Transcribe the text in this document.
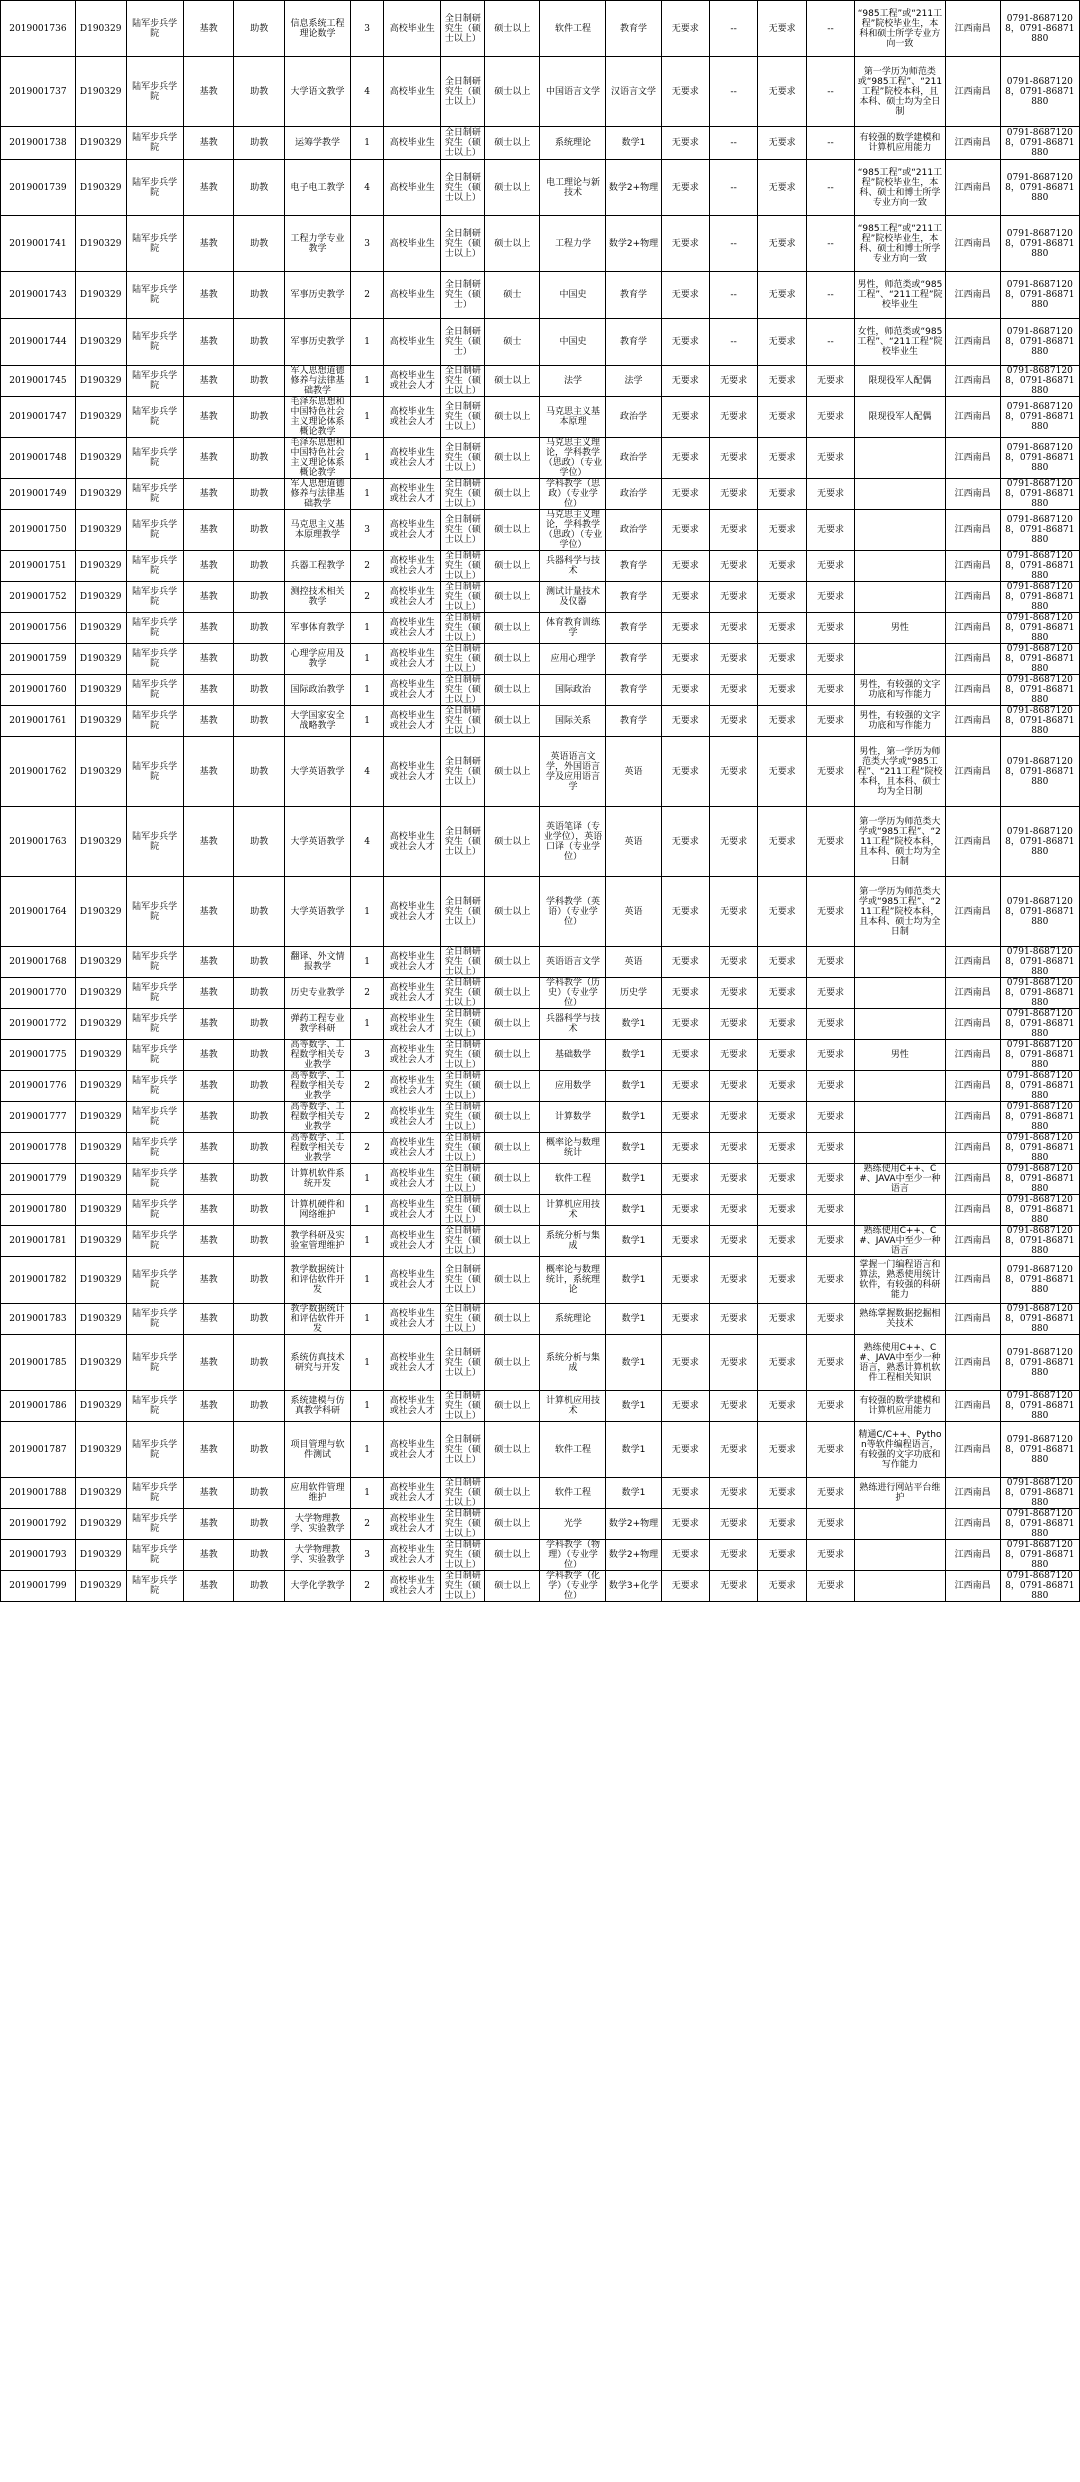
2019001736	D190329	陆军步兵学院	基教	助教	信息系统工程理论数学	3	高校毕业生	全日制研究生（硕士以上）	硕士以上	软件工程	教育学	无要求	--	无要求	--	“985工程”或“211工程”院校毕业生，本科和硕士所学专业方向一致	江西南昌	0791-86871208，0791-86871880
2019001737	D190329	陆军步兵学院	基教	助教	大学语文教学	4	高校毕业生	全日制研究生（硕士以上）	硕士以上	中国语言文学	汉语言文学	无要求	--	无要求	--	第一学历为师范类或“985工程”、“211工程”院校本科，且本科、硕士均为全日制	江西南昌	0791-86871208，0791-86871880
2019001738	D190329	陆军步兵学院	基教	助教	运筹学教学	1	高校毕业生	全日制研究生（硕士以上）	硕士以上	系统理论	数学1	无要求	--	无要求	--	有较强的数学建模和计算机应用能力	江西南昌	0791-86871208，0791-86871880
2019001739	D190329	陆军步兵学院	基教	助教	电子电工教学	4	高校毕业生	全日制研究生（硕士以上）	硕士以上	电工理论与新技术	数学2+物理	无要求	--	无要求	--	“985工程”或“211工程”院校毕业生，本科、硕士和博士所学专业方向一致	江西南昌	0791-86871208，0791-86871880
2019001741	D190329	陆军步兵学院	基教	助教	工程力学专业教学	3	高校毕业生	全日制研究生（硕士以上）	硕士以上	工程力学	数学2+物理	无要求	--	无要求	--	“985工程”或“211工程”院校毕业生，本科、硕士和博士所学专业方向一致	江西南昌	0791-86871208，0791-86871880
2019001743	D190329	陆军步兵学院	基教	助教	军事历史教学	2	高校毕业生	全日制研究生（硕士）	硕士	中国史	教育学	无要求	--	无要求	--	男性，师范类或“985工程”、“211工程”院校毕业生	江西南昌	0791-86871208，0791-86871880
2019001744	D190329	陆军步兵学院	基教	助教	军事历史教学	1	高校毕业生	全日制研究生（硕士）	硕士	中国史	教育学	无要求	--	无要求	--	女性，师范类或“985工程”、“211工程”院校毕业生	江西南昌	0791-86871208，0791-86871880
2019001745	D190329	陆军步兵学院	基教	助教	军人思想道德修养与法律基础教学	1	高校毕业生或社会人才	全日制研究生（硕士以上）	硕士以上	法学	法学	无要求	无要求	无要求	无要求	限现役军人配偶	江西南昌	0791-86871208，0791-86871880
2019001747	D190329	陆军步兵学院	基教	助教	毛泽东思想和中国特色社会主义理论体系概论教学	1	高校毕业生或社会人才	全日制研究生（硕士以上）	硕士以上	马克思主义基本原理	政治学	无要求	无要求	无要求	无要求	限现役军人配偶	江西南昌	0791-86871208，0791-86871880
2019001748	D190329	陆军步兵学院	基教	助教	毛泽东思想和中国特色社会主义理论体系概论教学	1	高校毕业生或社会人才	全日制研究生（硕士以上）	硕士以上	马克思主义理论，学科教学（思政）（专业学位）	政治学	无要求	无要求	无要求	无要求		江西南昌	0791-86871208，0791-86871880
2019001749	D190329	陆军步兵学院	基教	助教	军人思想道德修养与法律基础教学	1	高校毕业生或社会人才	全日制研究生（硕士以上）	硕士以上	学科教学（思政）（专业学位）	政治学	无要求	无要求	无要求	无要求		江西南昌	0791-86871208，0791-86871880
2019001750	D190329	陆军步兵学院	基教	助教	马克思主义基本原理教学	3	高校毕业生或社会人才	全日制研究生（硕士以上）	硕士以上	马克思主义理论，学科教学（思政）（专业学位）	政治学	无要求	无要求	无要求	无要求		江西南昌	0791-86871208，0791-86871880
2019001751	D190329	陆军步兵学院	基教	助教	兵器工程教学	2	高校毕业生或社会人才	全日制研究生（硕士以上）	硕士以上	兵器科学与技术	教育学	无要求	无要求	无要求	无要求		江西南昌	0791-86871208，0791-86871880
2019001752	D190329	陆军步兵学院	基教	助教	测控技术相关教学	2	高校毕业生或社会人才	全日制研究生（硕士以上）	硕士以上	测试计量技术及仪器	教育学	无要求	无要求	无要求	无要求		江西南昌	0791-86871208，0791-86871880
2019001756	D190329	陆军步兵学院	基教	助教	军事体育教学	1	高校毕业生或社会人才	全日制研究生（硕士以上）	硕士以上	体育教育训练学	教育学	无要求	无要求	无要求	无要求	男性	江西南昌	0791-86871208，0791-86871880
2019001759	D190329	陆军步兵学院	基教	助教	心理学应用及教学	1	高校毕业生或社会人才	全日制研究生（硕士以上）	硕士以上	应用心理学	教育学	无要求	无要求	无要求	无要求		江西南昌	0791-86871208，0791-86871880
2019001760	D190329	陆军步兵学院	基教	助教	国际政治教学	1	高校毕业生或社会人才	全日制研究生（硕士以上）	硕士以上	国际政治	教育学	无要求	无要求	无要求	无要求	男性，有较强的文字功底和写作能力	江西南昌	0791-86871208，0791-86871880
2019001761	D190329	陆军步兵学院	基教	助教	大学国家安全战略教学	1	高校毕业生或社会人才	全日制研究生（硕士以上）	硕士以上	国际关系	教育学	无要求	无要求	无要求	无要求	男性，有较强的文字功底和写作能力	江西南昌	0791-86871208，0791-86871880
2019001762	D190329	陆军步兵学院	基教	助教	大学英语教学	4	高校毕业生或社会人才	全日制研究生（硕士以上）	硕士以上	英语语言文学，外国语言学及应用语言学	英语	无要求	无要求	无要求	无要求	男性，第一学历为师范类大学或“985工程”、“211工程”院校本科，且本科、硕士均为全日制	江西南昌	0791-86871208，0791-86871880
2019001763	D190329	陆军步兵学院	基教	助教	大学英语教学	4	高校毕业生或社会人才	全日制研究生（硕士以上）	硕士以上	英语笔译（专业学位），英语口译（专业学位）	英语	无要求	无要求	无要求	无要求	第一学历为师范类大学或“985工程”、“211工程”院校本科，且本科、硕士均为全日制	江西南昌	0791-86871208，0791-86871880
2019001764	D190329	陆军步兵学院	基教	助教	大学英语教学	1	高校毕业生或社会人才	全日制研究生（硕士以上）	硕士以上	学科教学（英语）（专业学位）	英语	无要求	无要求	无要求	无要求	第一学历为师范类大学或“985工程”、“211工程”院校本科，且本科、硕士均为全日制	江西南昌	0791-86871208，0791-86871880
2019001768	D190329	陆军步兵学院	基教	助教	翻译、外文情报教学	1	高校毕业生或社会人才	全日制研究生（硕士以上）	硕士以上	英语语言文学	英语	无要求	无要求	无要求	无要求		江西南昌	0791-86871208，0791-86871880
2019001770	D190329	陆军步兵学院	基教	助教	历史专业教学	2	高校毕业生或社会人才	全日制研究生（硕士以上）	硕士以上	学科教学（历史）（专业学位）	历史学	无要求	无要求	无要求	无要求		江西南昌	0791-86871208，0791-86871880
2019001772	D190329	陆军步兵学院	基教	助教	弹药工程专业教学科研	1	高校毕业生或社会人才	全日制研究生（硕士以上）	硕士以上	兵器科学与技术	数学1	无要求	无要求	无要求	无要求		江西南昌	0791-86871208，0791-86871880
2019001775	D190329	陆军步兵学院	基教	助教	高等数学、工程数学相关专业教学	3	高校毕业生或社会人才	全日制研究生（硕士以上）	硕士以上	基础数学	数学1	无要求	无要求	无要求	无要求	男性	江西南昌	0791-86871208，0791-86871880
2019001776	D190329	陆军步兵学院	基教	助教	高等数学、工程数学相关专业教学	2	高校毕业生或社会人才	全日制研究生（硕士以上）	硕士以上	应用数学	数学1	无要求	无要求	无要求	无要求		江西南昌	0791-86871208，0791-86871880
2019001777	D190329	陆军步兵学院	基教	助教	高等数学、工程数学相关专业教学	2	高校毕业生或社会人才	全日制研究生（硕士以上）	硕士以上	计算数学	数学1	无要求	无要求	无要求	无要求		江西南昌	0791-86871208，0791-86871880
2019001778	D190329	陆军步兵学院	基教	助教	高等数学、工程数学相关专业教学	2	高校毕业生或社会人才	全日制研究生（硕士以上）	硕士以上	概率论与数理统计	数学1	无要求	无要求	无要求	无要求		江西南昌	0791-86871208，0791-86871880
2019001779	D190329	陆军步兵学院	基教	助教	计算机软件系统开发	1	高校毕业生或社会人才	全日制研究生（硕士以上）	硕士以上	软件工程	数学1	无要求	无要求	无要求	无要求	熟练使用C++、C#、JAVA中至少一种语言	江西南昌	0791-86871208，0791-86871880
2019001780	D190329	陆军步兵学院	基教	助教	计算机硬件和网络维护	1	高校毕业生或社会人才	全日制研究生（硕士以上）	硕士以上	计算机应用技术	数学1	无要求	无要求	无要求	无要求		江西南昌	0791-86871208，0791-86871880
2019001781	D190329	陆军步兵学院	基教	助教	教学科研及实验室管理维护	1	高校毕业生或社会人才	全日制研究生（硕士以上）	硕士以上	系统分析与集成	数学1	无要求	无要求	无要求	无要求	熟练使用C++、C#、JAVA中至少一种语言	江西南昌	0791-86871208，0791-86871880
2019001782	D190329	陆军步兵学院	基教	助教	教学数据统计和评估软件开发	1	高校毕业生或社会人才	全日制研究生（硕士以上）	硕士以上	概率论与数理统计，系统理论	数学1	无要求	无要求	无要求	无要求	掌握一门编程语言和算法，熟悉使用统计软件，有较强的科研能力	江西南昌	0791-86871208，0791-86871880
2019001783	D190329	陆军步兵学院	基教	助教	教学数据统计和评估软件开发	1	高校毕业生或社会人才	全日制研究生（硕士以上）	硕士以上	系统理论	数学1	无要求	无要求	无要求	无要求	熟练掌握数据挖掘相关技术	江西南昌	0791-86871208，0791-86871880
2019001785	D190329	陆军步兵学院	基教	助教	系统仿真技术研究与开发	1	高校毕业生或社会人才	全日制研究生（硕士以上）	硕士以上	系统分析与集成	数学1	无要求	无要求	无要求	无要求	熟练使用C++、C#、JAVA中至少一种语言，熟悉计算机软件工程相关知识	江西南昌	0791-86871208，0791-86871880
2019001786	D190329	陆军步兵学院	基教	助教	系统建模与仿真教学科研	1	高校毕业生或社会人才	全日制研究生（硕士以上）	硕士以上	计算机应用技术	数学1	无要求	无要求	无要求	无要求	有较强的数学建模和计算机应用能力	江西南昌	0791-86871208，0791-86871880
2019001787	D190329	陆军步兵学院	基教	助教	项目管理与软件测试	1	高校毕业生或社会人才	全日制研究生（硕士以上）	硕士以上	软件工程	数学1	无要求	无要求	无要求	无要求	精通C/C++、Python等软件编程语言，有较强的文字功底和写作能力	江西南昌	0791-86871208，0791-86871880
2019001788	D190329	陆军步兵学院	基教	助教	应用软件管理维护	1	高校毕业生或社会人才	全日制研究生（硕士以上）	硕士以上	软件工程	数学1	无要求	无要求	无要求	无要求	熟练进行网站平台维护	江西南昌	0791-86871208，0791-86871880
2019001792	D190329	陆军步兵学院	基教	助教	大学物理教学、实验教学	2	高校毕业生或社会人才	全日制研究生（硕士以上）	硕士以上	光学	数学2+物理	无要求	无要求	无要求	无要求		江西南昌	0791-86871208，0791-86871880
2019001793	D190329	陆军步兵学院	基教	助教	大学物理教学、实验教学	3	高校毕业生或社会人才	全日制研究生（硕士以上）	硕士以上	学科教学（物理）（专业学位）	数学2+物理	无要求	无要求	无要求	无要求		江西南昌	0791-86871208，0791-86871880
2019001799	D190329	陆军步兵学院	基教	助教	大学化学教学	2	高校毕业生或社会人才	全日制研究生（硕士以上）	硕士以上	学科教学（化学）（专业学位）	数学3+化学	无要求	无要求	无要求	无要求		江西南昌	0791-86871208，0791-86871880
